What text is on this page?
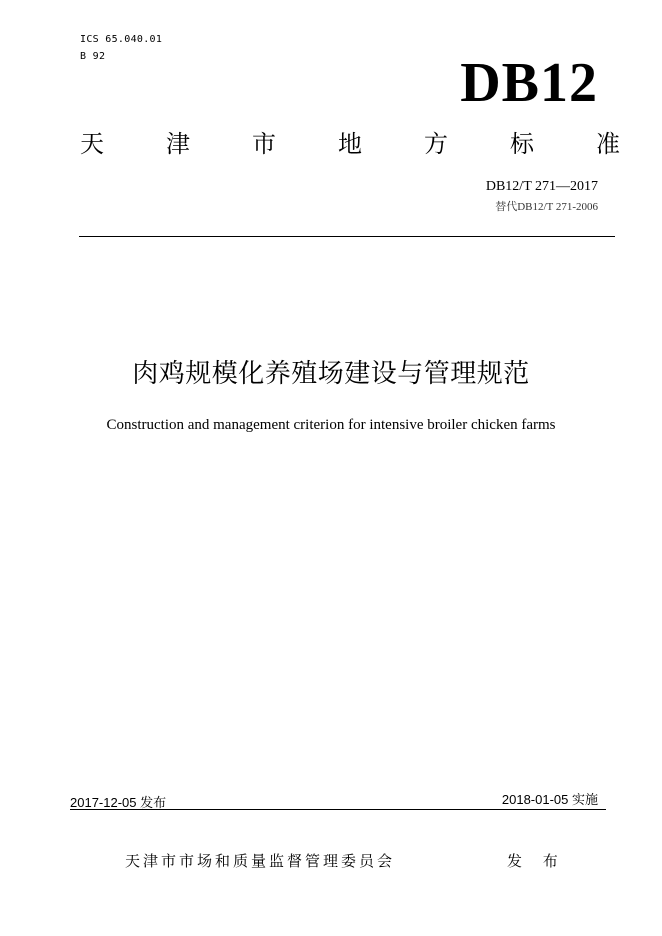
ICS 65.040.01
B 92	DB12
天	津	市	地	方	标	准
DB12/T 271—2017
替代DB12/T 271-2006
肉鸡规模化养殖场建设与管理规范
Construction and management criterion for intensive broiler chicken farms
2017-12-05 发布	2018-01-05 实施
天津市市场和质量监督管理委员会	发 布
